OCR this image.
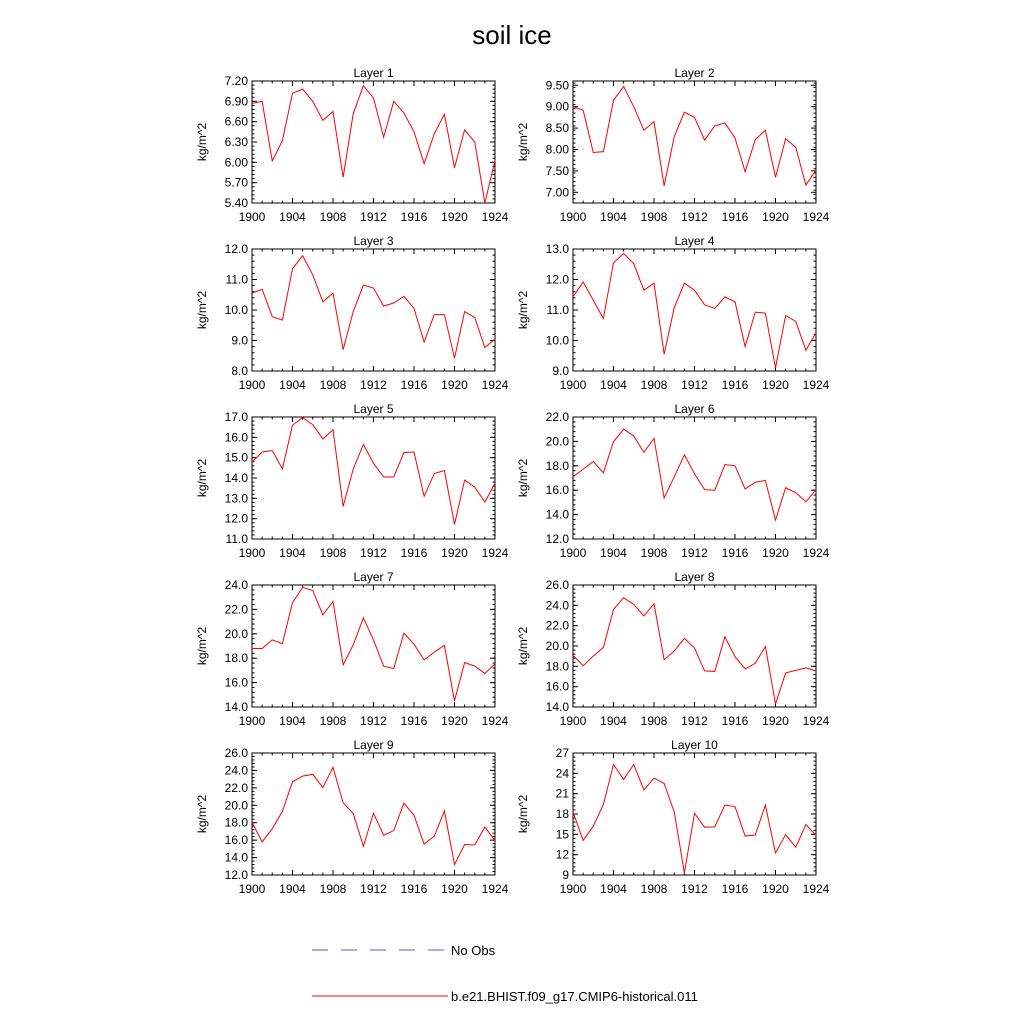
soil ice
Layer 1
kg/m^2
1900 1904 1908 1912 1916 1920 1924
5.40
5.70
6.00
6.30
6.60
6.90
7.20
Layer 2
kg/m^2
1900 1904 1908 1912 1916 1920 1924
7.00
7.50
8.00
8.50
9.00
9.50
Layer 3
kg/m^2
1900 1904 1908 1912 1916 1920 1924
8.0
9.0
10.0
11.0
12.0
Layer 4
kg/m^2
1900 1904 1908 1912 1916 1920 1924
9.0
10.0
11.0
12.0
13.0
Layer 5
kg/m^2
1900 1904 1908 1912 1916 1920 1924
11.0
12.0
13.0
14.0
15.0
16.0
17.0
Layer 6
kg/m^2
1900 1904 1908 1912 1916 1920 1924
12.0
14.0
16.0
18.0
20.0
22.0
Layer 7
kg/m^2
1900 1904 1908 1912 1916 1920 1924
14.0
16.0
18.0
20.0
22.0
24.0
Layer 8
kg/m^2
1900 1904 1908 1912 1916 1920 1924
14.0
16.0
18.0
20.0
22.0
24.0
26.0
Layer 9
kg/m^2
1900 1904 1908 1912 1916 1920 1924
12.0
14.0
16.0
18.0
20.0
22.0
24.0
26.0
Layer 10
kg/m^2
1900 1904 1908 1912 1916 1920 1924
9
12
15
18
21
24
27
No Obs
b.e21.BHIST.f09_g17.CMIP6-historical.011
